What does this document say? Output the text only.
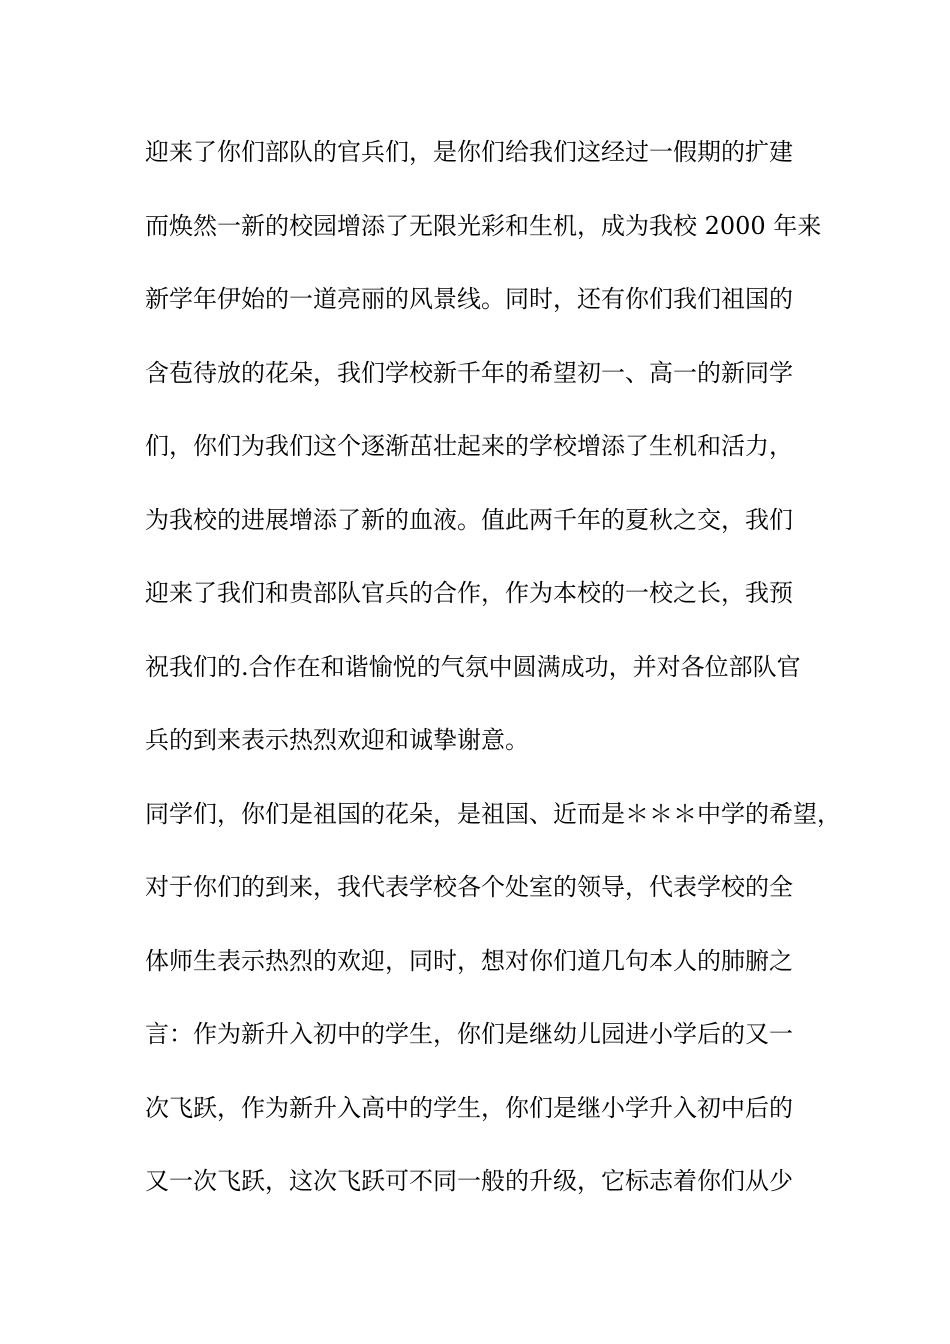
迎来了你们部队的官兵们，是你们给我们这经过一假期的扩建
而焕然一新的校园增添了无限光彩和生机，成为我校 2000 年来
新学年伊始的一道亮丽的风景线。同时，还有你们我们祖国的
含苞待放的花朵，我们学校新千年的希望初一、高一的新同学
们，你们为我们这个逐渐茁壮起来的学校增添了生机和活力，
为我校的进展增添了新的血液。值此两千年的夏秋之交，我们
迎来了我们和贵部队官兵的合作，作为本校的一校之长，我预
祝我们的.合作在和谐愉悦的气氛中圆满成功，并对各位部队官
兵的到来表示热烈欢迎和诚挚谢意。
同学们，你们是祖国的花朵，是祖国、近而是＊＊＊中学的希望，
对于你们的到来，我代表学校各个处室的领导，代表学校的全
体师生表示热烈的欢迎，同时，想对你们道几句本人的肺腑之
言：作为新升入初中的学生，你们是继幼儿园进小学后的又一
次飞跃，作为新升入高中的学生，你们是继小学升入初中后的
又一次飞跃，这次飞跃可不同一般的升级，它标志着你们从少
